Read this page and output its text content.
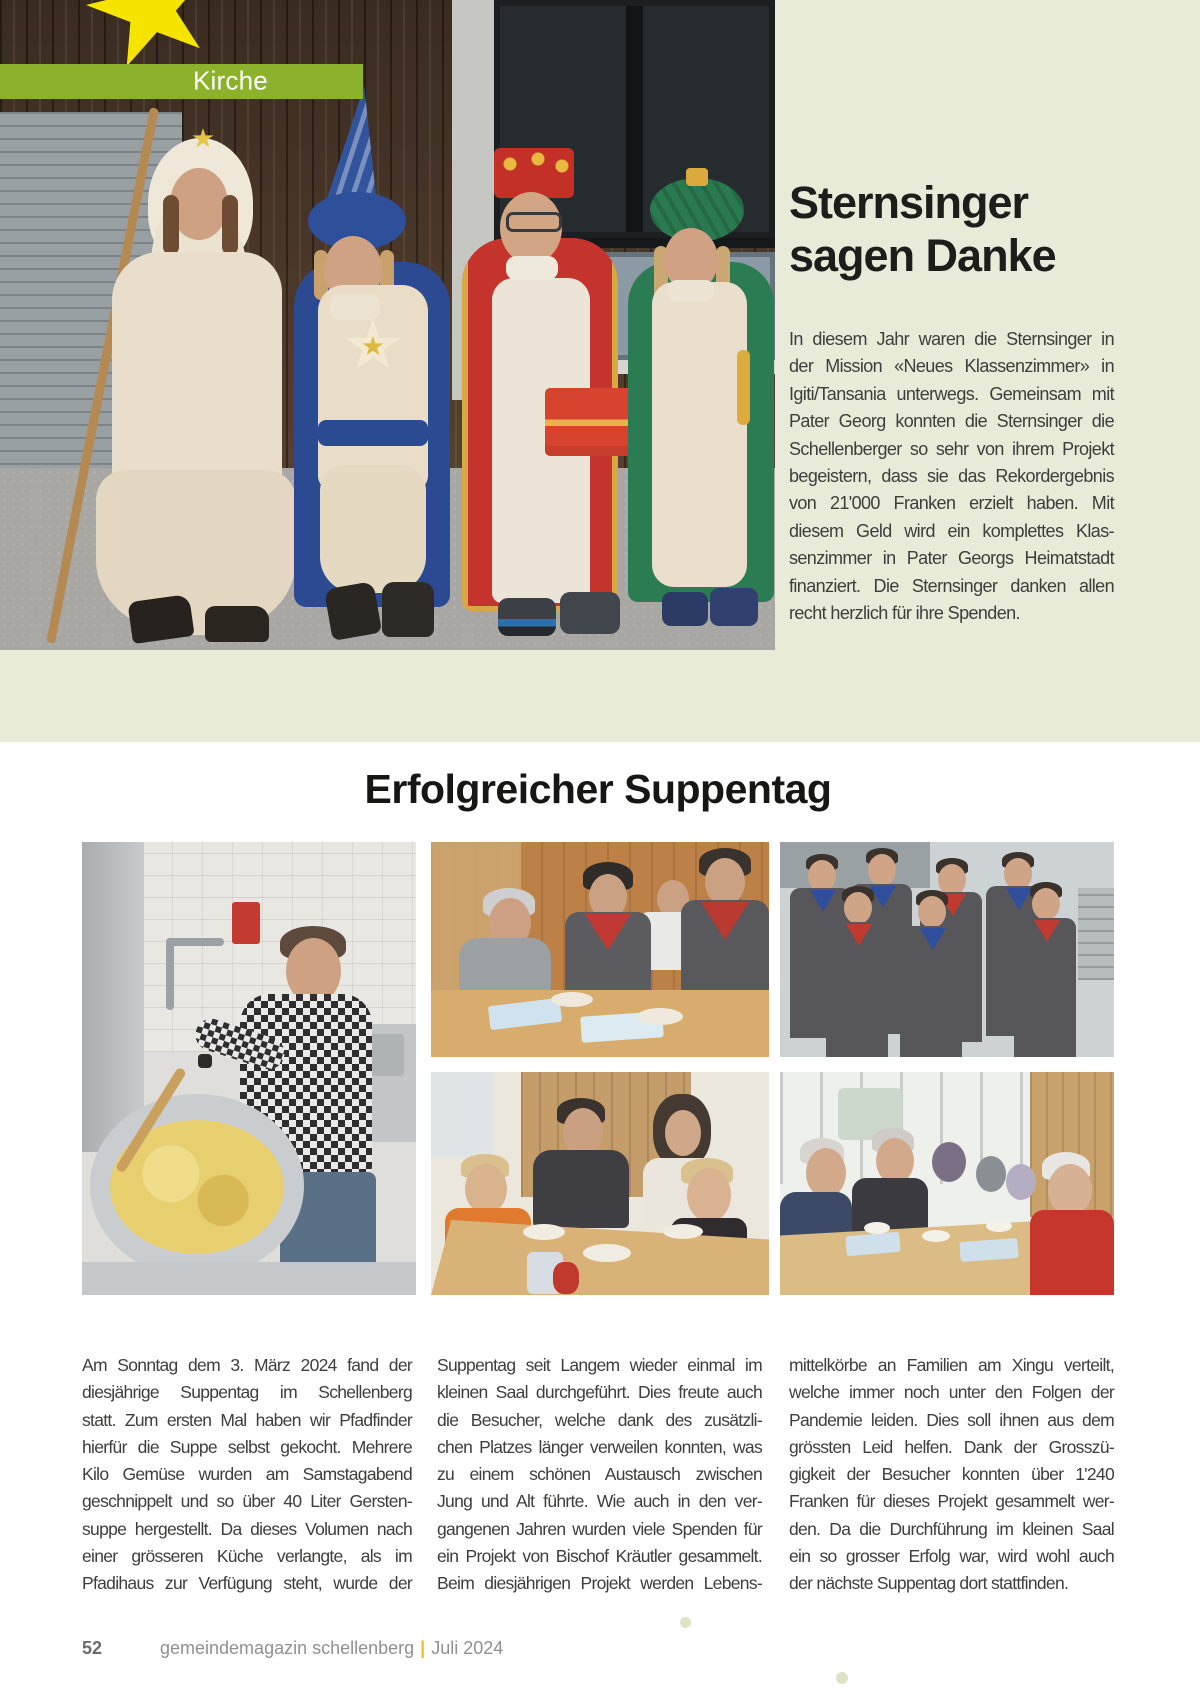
Kirche
Sternsinger
sagen Danke
In diesem Jahr waren die Sternsinger in
der Mission «Neues Klassenzimmer» in
Igiti/Tansania unterwegs. Gemeinsam mit
Pater Georg konnten die Sternsinger die
Schellenberger so sehr von ihrem Projekt
begeistern, dass sie das Rekordergebnis
von 21'000 Franken erzielt haben. Mit
diesem Geld wird ein komplettes Klas-
senzimmer in Pater Georgs Heimatstadt
finanziert. Die Sternsinger danken allen
recht herzlich für ihre Spenden.
Erfolgreicher Suppentag
Am Sonntag dem 3. März 2024 fand der
diesjährige Suppentag im Schellenberg
statt. Zum ersten Mal haben wir Pfadfinder
hierfür die Suppe selbst gekocht. Mehrere
Kilo Gemüse wurden am Samstagabend
geschnippelt und so über 40 Liter Gersten-
suppe hergestellt. Da dieses Volumen nach
einer grösseren Küche verlangte, als im
Pfadihaus zur Verfügung steht, wurde der
Suppentag seit Langem wieder einmal im
kleinen Saal durchgeführt. Dies freute auch
die Besucher, welche dank des zusätzli-
chen Platzes länger verweilen konnten, was
zu einem schönen Austausch zwischen
Jung und Alt führte. Wie auch in den ver-
gangenen Jahren wurden viele Spenden für
ein Projekt von Bischof Kräutler gesammelt.
Beim diesjährigen Projekt werden Lebens-
mittelkörbe an Familien am Xingu verteilt,
welche immer noch unter den Folgen der
Pandemie leiden. Dies soll ihnen aus dem
grössten Leid helfen. Dank der Grosszü-
gigkeit der Besucher konnten über 1'240
Franken für dieses Projekt gesammelt wer-
den. Da die Durchführung im kleinen Saal
ein so grosser Erfolg war, wird wohl auch
der nächste Suppentag dort stattfinden.
52	gemeindemagazin schellenberg | Juli 2024
